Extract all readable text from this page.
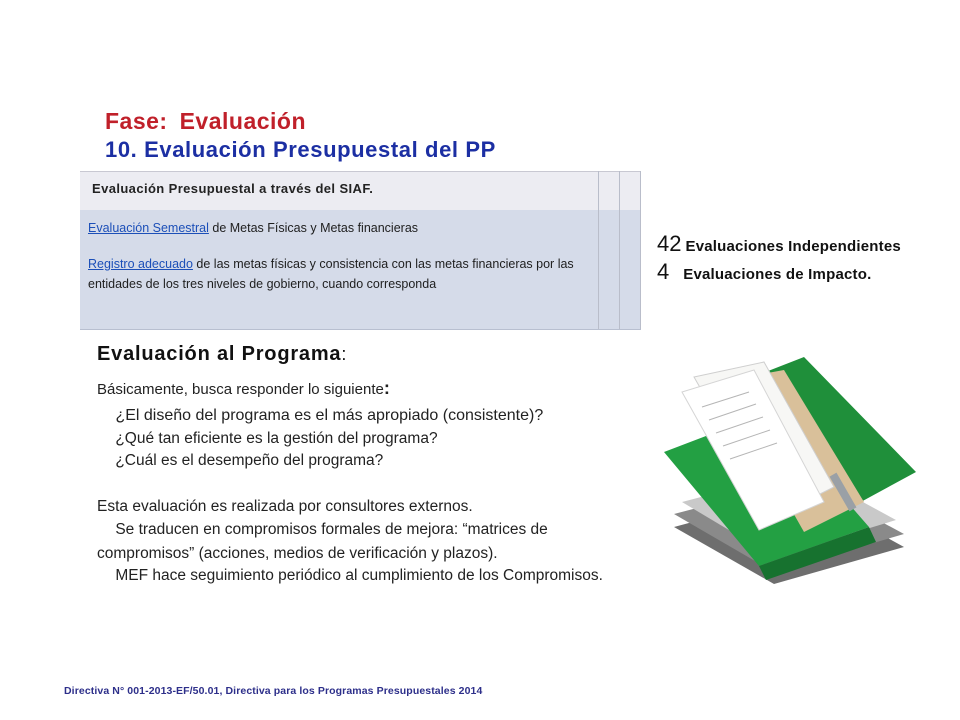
Fase: Evaluación
10. Evaluación Presupuestal del PP
Evaluación Presupuestal a través del SIAF.
Evaluación Semestral de Metas Físicas y Metas financieras
Registro adecuado de las metas físicas y consistencia con las metas financieras por las entidades de los tres niveles de gobierno, cuando corresponda
42 Evaluaciones Independientes
4 Evaluaciones de Impacto.
Evaluación al Programa:
Básicamente, busca responder lo siguiente:
¿El diseño del programa es el más apropiado (consistente)?
¿Qué tan eficiente es la gestión del programa?
¿Cuál es el desempeño del programa?
Esta evaluación es realizada por consultores externos.
Se traducen en compromisos formales de mejora: “matrices de
compromisos” (acciones, medios de verificación y plazos).
MEF hace seguimiento periódico al cumplimiento de los Compromisos.
Directiva N° 001-2013-EF/50.01, Directiva para los Programas Presupuestales 2014
